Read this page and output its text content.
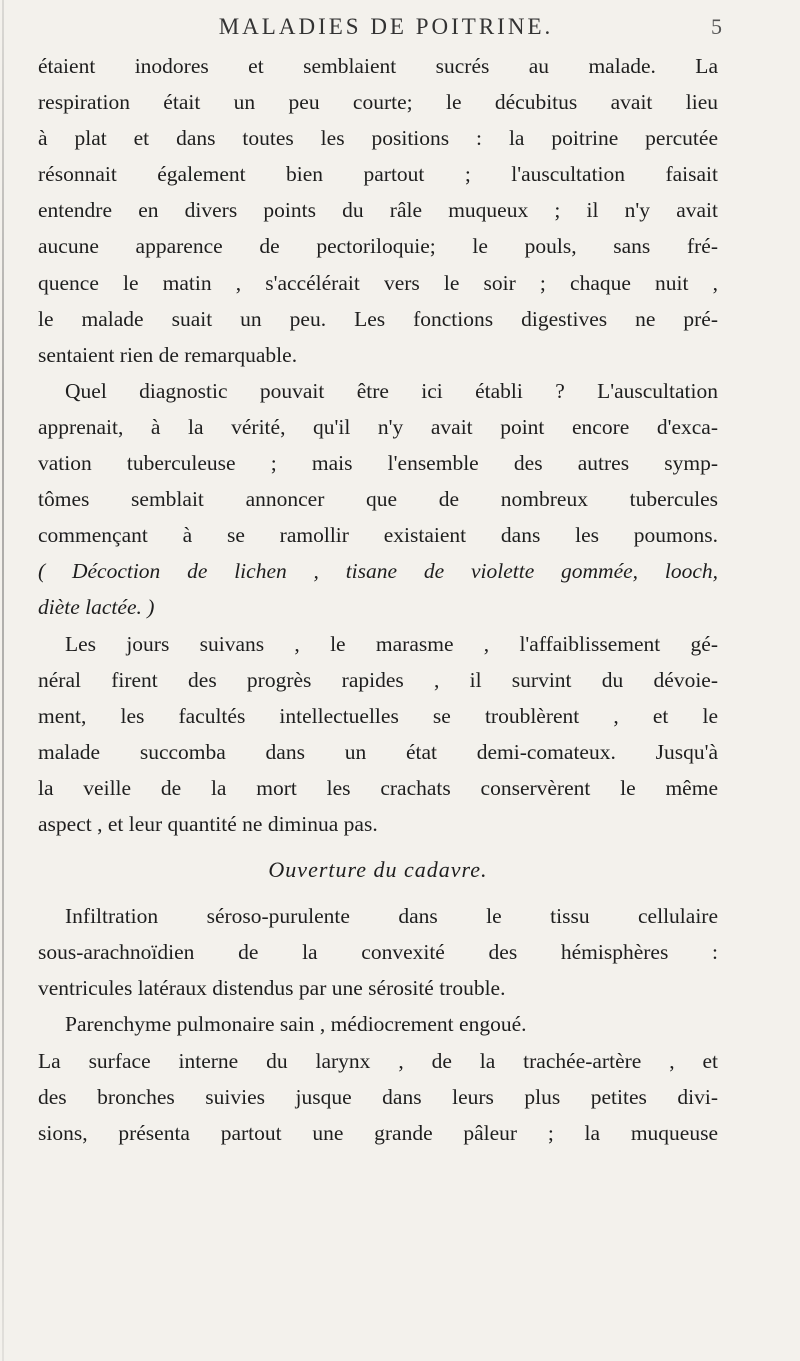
MALADIES DE POITRINE.	5
étaient inodores et semblaient sucrés au malade. La
respiration était un peu courte; le décubitus avait lieu
à plat et dans toutes les positions : la poitrine percutée
résonnait également bien partout ; l'auscultation faisait
entendre en divers points du râle muqueux ; il n'y avait
aucune apparence de pectoriloquie; le pouls, sans fré-
quence le matin , s'accélérait vers le soir ; chaque nuit ,
le malade suait un peu. Les fonctions digestives ne pré-
sentaient rien de remarquable.
Quel diagnostic pouvait être ici établi ? L'auscultation
apprenait, à la vérité, qu'il n'y avait point encore d'exca-
vation tuberculeuse ; mais l'ensemble des autres symp-
tômes semblait annoncer que de nombreux tubercules
commençant à se ramollir existaient dans les poumons.
( Décoction de lichen , tisane de violette gommée, looch,
diète lactée. )
Les jours suivans , le marasme , l'affaiblissement gé-
néral firent des progrès rapides , il survint du dévoie-
ment, les facultés intellectuelles se troublèrent , et le
malade succomba dans un état demi-comateux. Jusqu'à
la veille de la mort les crachats conservèrent le même
aspect , et leur quantité ne diminua pas.
Ouverture du cadavre.
Infiltration séroso-purulente dans le tissu cellulaire
sous-arachnoïdien de la convexité des hémisphères :
ventricules latéraux distendus par une sérosité trouble.
Parenchyme pulmonaire sain , médiocrement engoué.
La surface interne du larynx , de la trachée-artère , et
des bronches suivies jusque dans leurs plus petites divi-
sions, présenta partout une grande pâleur ; la muqueuse
